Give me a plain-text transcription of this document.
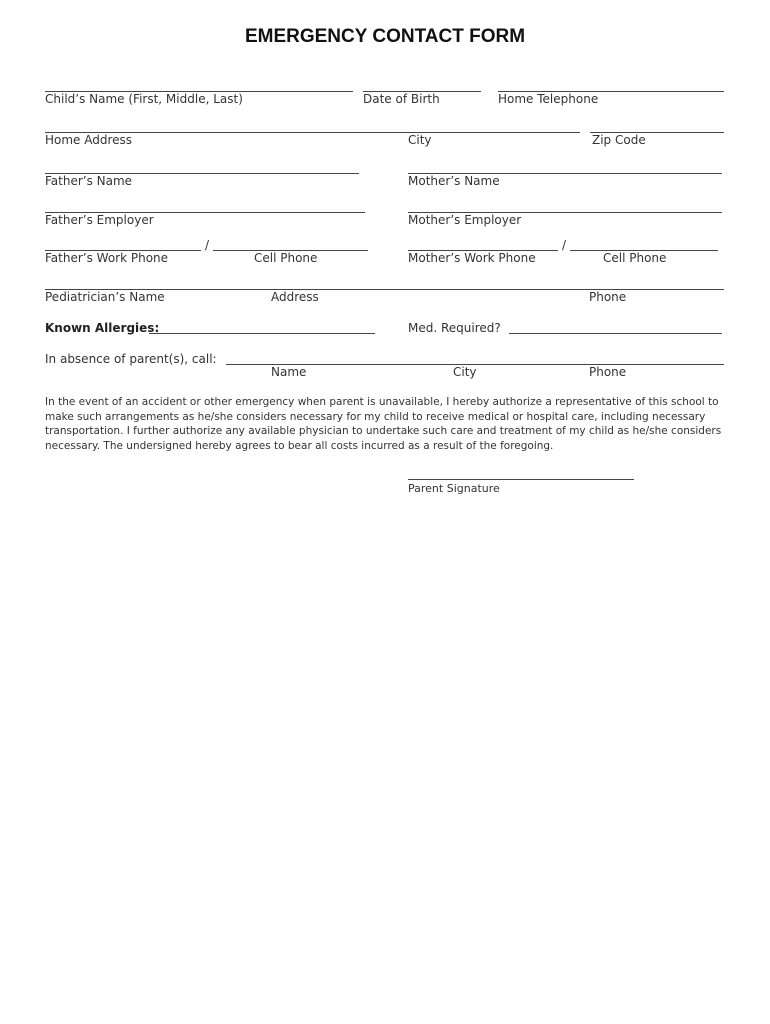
EMERGENCY CONTACT FORM
Child’s Name (First, Middle, Last)	Date of Birth	Home Telephone
Home Address	City	Zip Code
Father’s Name	Mother’s Name
Father’s Employer	Mother’s Employer
/	/
Father’s Work Phone	Cell Phone	Mother’s Work Phone	Cell Phone
Pediatrician’s Name	Address	Phone
Known Allergies:	Med. Required?
In absence of parent(s), call:
Name	City	Phone
In the event of an accident or other emergency when parent is unavailable, I hereby authorize a representative of this school to make such arrangements as he/she considers necessary for my child to receive medical or hospital care, including necessary transportation. I further authorize any available physician to undertake such care and treatment of my child as he/she considers necessary. The undersigned hereby agrees to bear all costs incurred as a result of the foregoing.
Parent Signature
